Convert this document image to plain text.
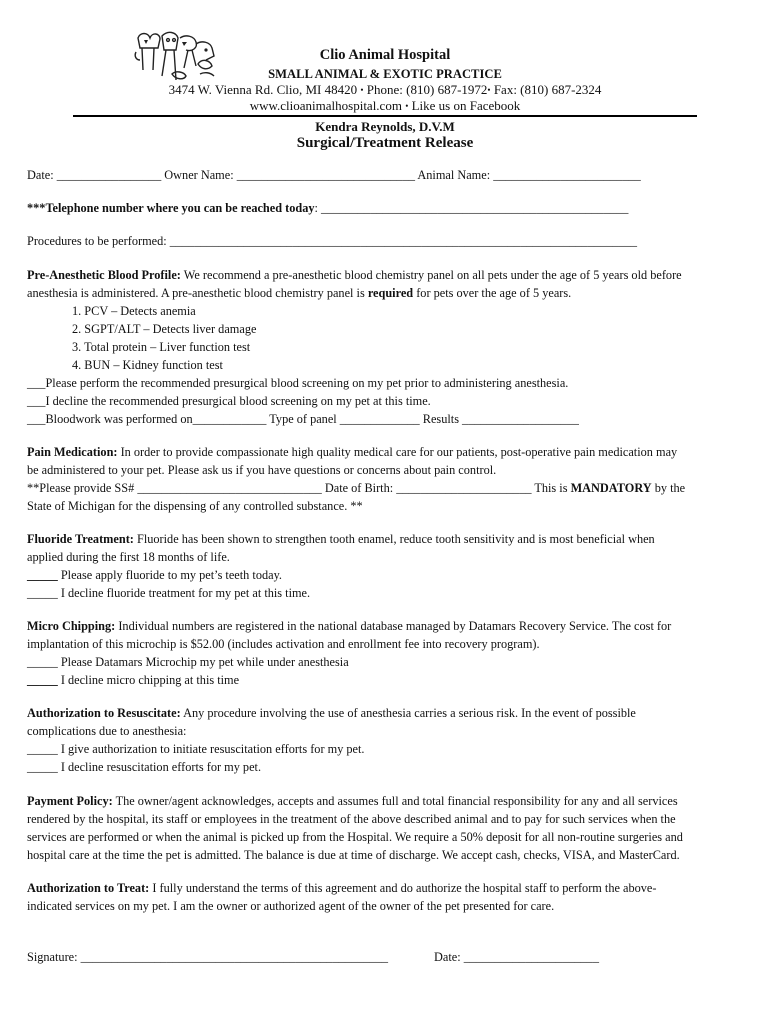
Clio Animal Hospital
SMALL ANIMAL & EXOTIC PRACTICE
3474 W. Vienna Rd. Clio, MI 48420 • Phone: (810) 687-1972• Fax: (810) 687-2324
www.clioanimalhospital.com • Like us on Facebook
Kendra Reynolds, D.V.M
Surgical/Treatment Release
Date: _________________ Owner Name: _____________________________ Animal Name: ________________________
***Telephone number where you can be reached today: __________________________________________________
Procedures to be performed: ____________________________________________________________________________
Pre-Anesthetic Blood Profile: We recommend a pre-anesthetic blood chemistry panel on all pets under the age of 5 years old before
anesthesia is administered. A pre-anesthetic blood chemistry panel is required for pets over the age of 5 years.
1. PCV – Detects anemia
2. SGPT/ALT – Detects liver damage
3. Total protein – Liver function test
4. BUN – Kidney function test
___Please perform the recommended presurgical blood screening on my pet prior to administering anesthesia.
___I decline the recommended presurgical blood screening on my pet at this time.
___Bloodwork was performed on____________ Type of panel _____________ Results ___________________
Pain Medication: In order to provide compassionate high quality medical care for our patients, post-operative pain medication may
be administered to your pet. Please ask us if you have questions or concerns about pain control.
**Please provide SS# ______________________________ Date of Birth: ______________________ This is MANDATORY by the
State of Michigan for the dispensing of any controlled substance. **
Fluoride Treatment: Fluoride has been shown to strengthen tooth enamel, reduce tooth sensitivity and is most beneficial when
applied during the first 18 months of life.
_____ Please apply fluoride to my pet’s teeth today.
_____ I decline fluoride treatment for my pet at this time.
Micro Chipping: Individual numbers are registered in the national database managed by Datamars Recovery Service. The cost for
implantation of this microchip is $52.00 (includes activation and enrollment fee into recovery program).
_____ Please Datamars Microchip my pet while under anesthesia
_____ I decline micro chipping at this time
Authorization to Resuscitate: Any procedure involving the use of anesthesia carries a serious risk. In the event of possible
complications due to anesthesia:
_____ I give authorization to initiate resuscitation efforts for my pet.
_____ I decline resuscitation efforts for my pet.
Payment Policy: The owner/agent acknowledges, accepts and assumes full and total financial responsibility for any and all services
rendered by the hospital, its staff or employees in the treatment of the above described animal and to pay for such services when the
services are performed or when the animal is picked up from the Hospital. We require a 50% deposit for all non-routine surgeries and
hospital care at the time the pet is admitted. The balance is due at time of discharge. We accept cash, checks, VISA, and MasterCard.
Authorization to Treat: I fully understand the terms of this agreement and do authorize the hospital staff to perform the above-
indicated services on my pet. I am the owner or authorized agent of the owner of the pet presented for care.
Signature: __________________________________________________	Date: ______________________
